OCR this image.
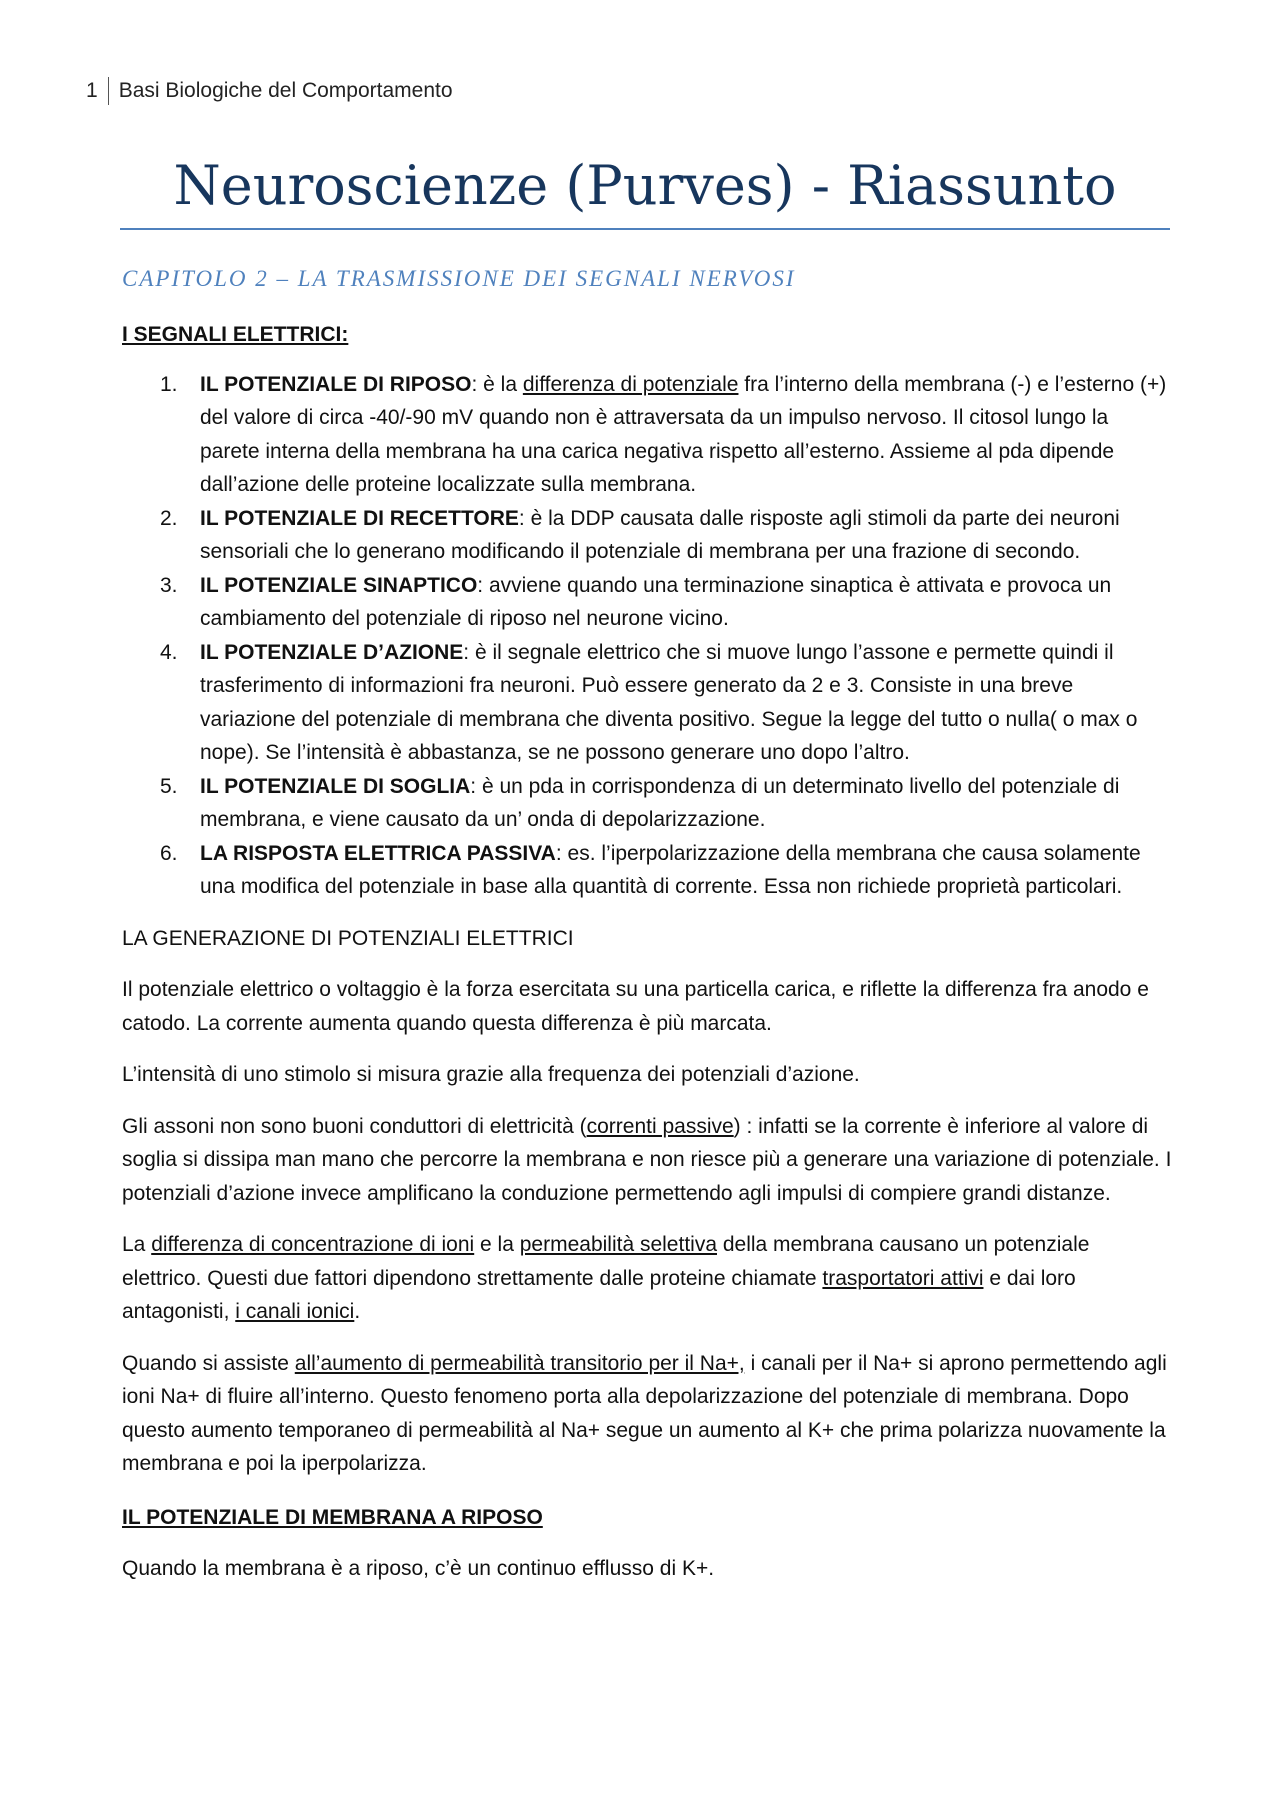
1	Basi Biologiche del Comportamento
Neuroscienze (Purves) - Riassunto
CAPITOLO 2 – LA TRASMISSIONE DEI SEGNALI NERVOSI

I SEGNALI ELETTRICI:

1. IL POTENZIALE DI RIPOSO: è la differenza di potenziale fra l’interno della membrana (-) e l’esterno (+) del valore di circa -40/-90 mV quando non è attraversata da un impulso nervoso. Il citosol lungo la parete interna della membrana ha una carica negativa rispetto all’esterno. Assieme al pda dipende dall’azione delle proteine localizzate sulla membrana.
2. IL POTENZIALE DI RECETTORE: è la DDP causata dalle risposte agli stimoli da parte dei neuroni sensoriali che lo generano modificando il potenziale di membrana per una frazione di secondo.
3. IL POTENZIALE SINAPTICO: avviene quando una terminazione sinaptica è attivata e provoca un cambiamento del potenziale di riposo nel neurone vicino.
4. IL POTENZIALE D’AZIONE: è il segnale elettrico che si muove lungo l’assone e permette quindi il trasferimento di informazioni fra neuroni. Può essere generato da 2 e 3. Consiste in una breve variazione del potenziale di membrana che diventa positivo. Segue la legge del tutto o nulla( o max o nope). Se l’intensità è abbastanza, se ne possono generare uno dopo l’altro.
5. IL POTENZIALE DI SOGLIA: è un pda in corrispondenza di un determinato livello del potenziale di membrana, e viene causato da un’ onda di depolarizzazione.
6. LA RISPOSTA ELETTRICA PASSIVA: es. l’iperpolarizzazione della membrana che causa solamente una modifica del potenziale in base alla quantità di corrente. Essa non richiede proprietà particolari.

LA GENERAZIONE DI POTENZIALI ELETTRICI

Il potenziale elettrico o voltaggio è la forza esercitata su una particella carica, e riflette la differenza fra anodo e catodo. La corrente aumenta quando questa differenza è più marcata.

L’intensità di uno stimolo si misura grazie alla frequenza dei potenziali d’azione.

Gli assoni non sono buoni conduttori di elettricità (correnti passive) : infatti se la corrente è inferiore al valore di soglia si dissipa man mano che percorre la membrana e non riesce più a generare una variazione di potenziale. I potenziali d’azione invece amplificano la conduzione permettendo agli impulsi di compiere grandi distanze.

La differenza di concentrazione di ioni e la permeabilità selettiva della membrana causano un potenziale elettrico. Questi due fattori dipendono strettamente dalle proteine chiamate trasportatori attivi e dai loro antagonisti, i canali ionici.

Quando si assiste all’aumento di permeabilità transitorio per il Na+, i canali per il Na+ si aprono permettendo agli ioni Na+ di fluire all’interno. Questo fenomeno porta alla depolarizzazione del potenziale di membrana. Dopo questo aumento temporaneo di permeabilità al Na+ segue un aumento al K+ che prima polarizza nuovamente la membrana e poi la iperpolarizza.

IL POTENZIALE DI MEMBRANA A RIPOSO

Quando la membrana è a riposo, c’è un continuo efflusso di K+.
